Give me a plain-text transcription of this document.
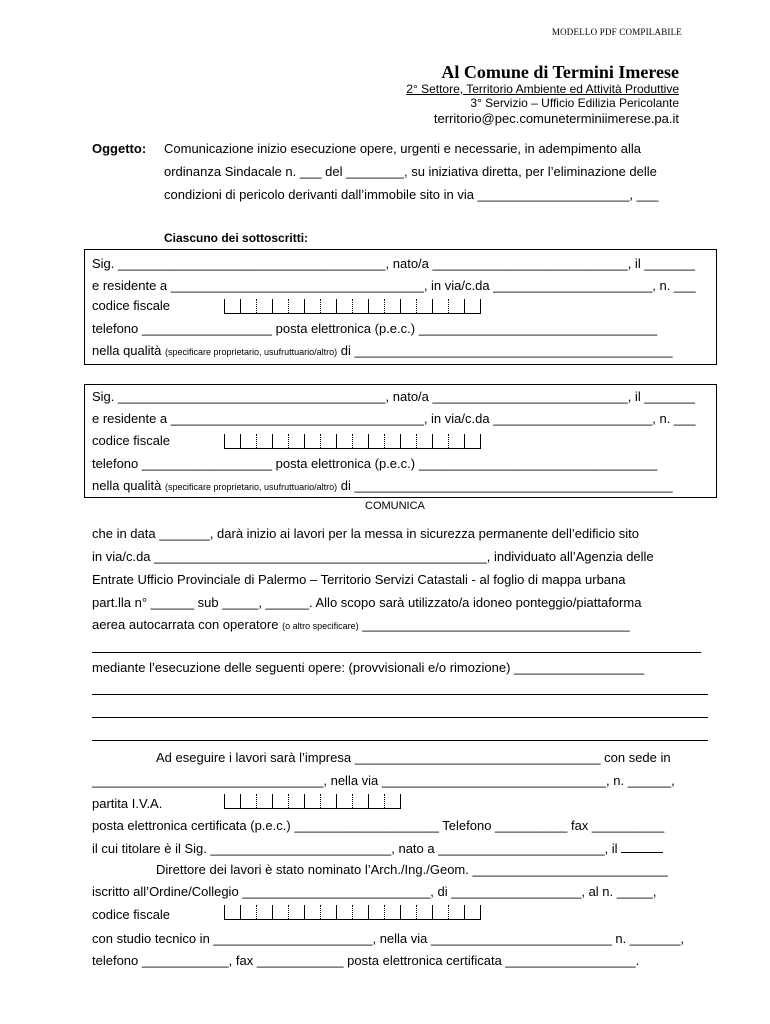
MODELLO PDF COMPILABILE
Al Comune di Termini Imerese
2° Settore, Territorio Ambiente ed Attività Produttive
3° Servizio – Ufficio Edilizia Pericolante
territorio@pec.comuneterminiimerese.pa.it
Oggetto: Comunicazione inizio esecuzione opere, urgenti e necessarie, in adempimento alla
ordinanza Sindacale n. ___ del ________, su iniziativa diretta, per l’eliminazione delle
condizioni di pericolo derivanti dall’immobile sito in via _____________________, ___
Ciascuno dei sottoscritti:
Sig. _____________________________________, nato/a ___________________________, il _______
e residente a ___________________________________, in via/c.da ______________________, n. ___
codice fiscale
telefono __________________ posta elettronica (p.e.c.) _________________________________
nella qualità (specificare proprietario, usufruttuario/altro) di ____________________________________________
Sig. _____________________________________, nato/a ___________________________, il _______
e residente a ___________________________________, in via/c.da ______________________, n. ___
codice fiscale
telefono __________________ posta elettronica (p.e.c.) _________________________________
nella qualità (specificare proprietario, usufruttuario/altro) di ____________________________________________
COMUNICA
che in data _______, darà inizio ai lavori per la messa in sicurezza permanente dell’edificio sito
in via/c.da ______________________________________________, individuato all’Agenzia delle
Entrate Ufficio Provinciale di Palermo – Territorio Servizi Catastali - al foglio di mappa urbana
part.lla n° ______ sub _____, ______. Allo scopo sarà utilizzato/a idoneo ponteggio/piattaforma
aerea autocarrata con operatore (o altro specificare) _____________________________________
mediante l’esecuzione delle seguenti opere: (provvisionali e/o rimozione) __________________
Ad eseguire i lavori sarà l’impresa __________________________________ con sede in
________________________________, nella via _______________________________, n. ______,
partita I.V.A.
posta elettronica certificata (p.e.c.) ____________________ Telefono __________ fax __________
il cui titolare è il Sig. _________________________, nato a _______________________, il
Direttore dei lavori è stato nominato l’Arch./Ing./Geom. ___________________________
iscritto all’Ordine/Collegio __________________________, di __________________, al n. _____,
codice fiscale
con studio tecnico in ______________________, nella via _________________________ n. _______,
telefono ____________, fax ____________ posta elettronica certificata __________________.
